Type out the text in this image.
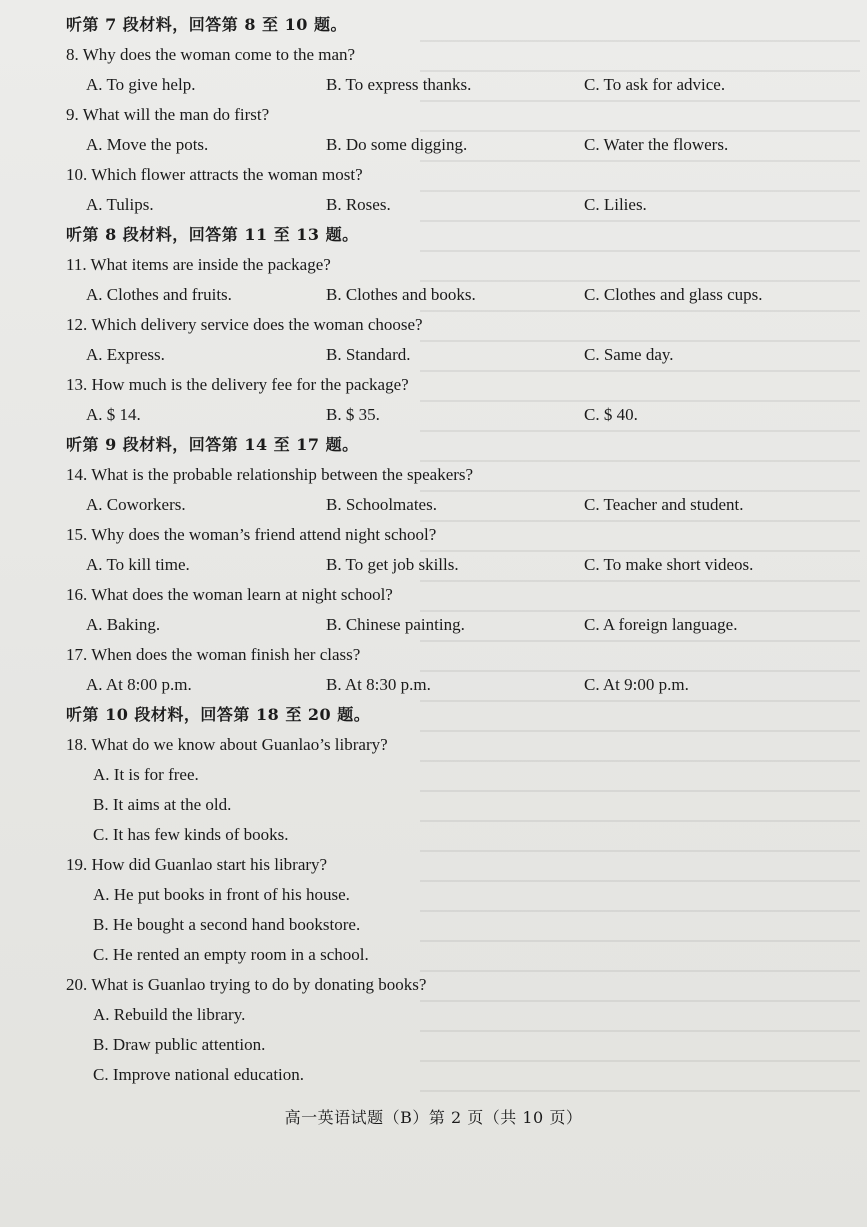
听第 7 段材料，回答第 8 至 10 题。
8. Why does the woman come to the man?
A. To give help.	B. To express thanks.	C. To ask for advice.
9. What will the man do first?
A. Move the pots.	B. Do some digging.	C. Water the flowers.
10. Which flower attracts the woman most?
A. Tulips.	B. Roses.	C. Lilies.
听第 8 段材料，回答第 11 至 13 题。
11. What items are inside the package?
A. Clothes and fruits.	B. Clothes and books.	C. Clothes and glass cups.
12. Which delivery service does the woman choose?
A. Express.	B. Standard.	C. Same day.
13. How much is the delivery fee for the package?
A. $ 14.	B. $ 35.	C. $ 40.
听第 9 段材料，回答第 14 至 17 题。
14. What is the probable relationship between the speakers?
A. Coworkers.	B. Schoolmates.	C. Teacher and student.
15. Why does the woman’s friend attend night school?
A. To kill time.	B. To get job skills.	C. To make short videos.
16. What does the woman learn at night school?
A. Baking.	B. Chinese painting.	C. A foreign language.
17. When does the woman finish her class?
A. At 8:00 p.m.	B. At 8:30 p.m.	C. At 9:00 p.m.
听第 10 段材料，回答第 18 至 20 题。
18. What do we know about Guanlao’s library?
A. It is for free.
B. It aims at the old.
C. It has few kinds of books.
19. How did Guanlao start his library?
A. He put books in front of his house.
B. He bought a second hand bookstore.
C. He rented an empty room in a school.
20. What is Guanlao trying to do by donating books?
A. Rebuild the library.
B. Draw public attention.
C. Improve national education.
高一英语试题（B）第 2 页（共 10 页）
